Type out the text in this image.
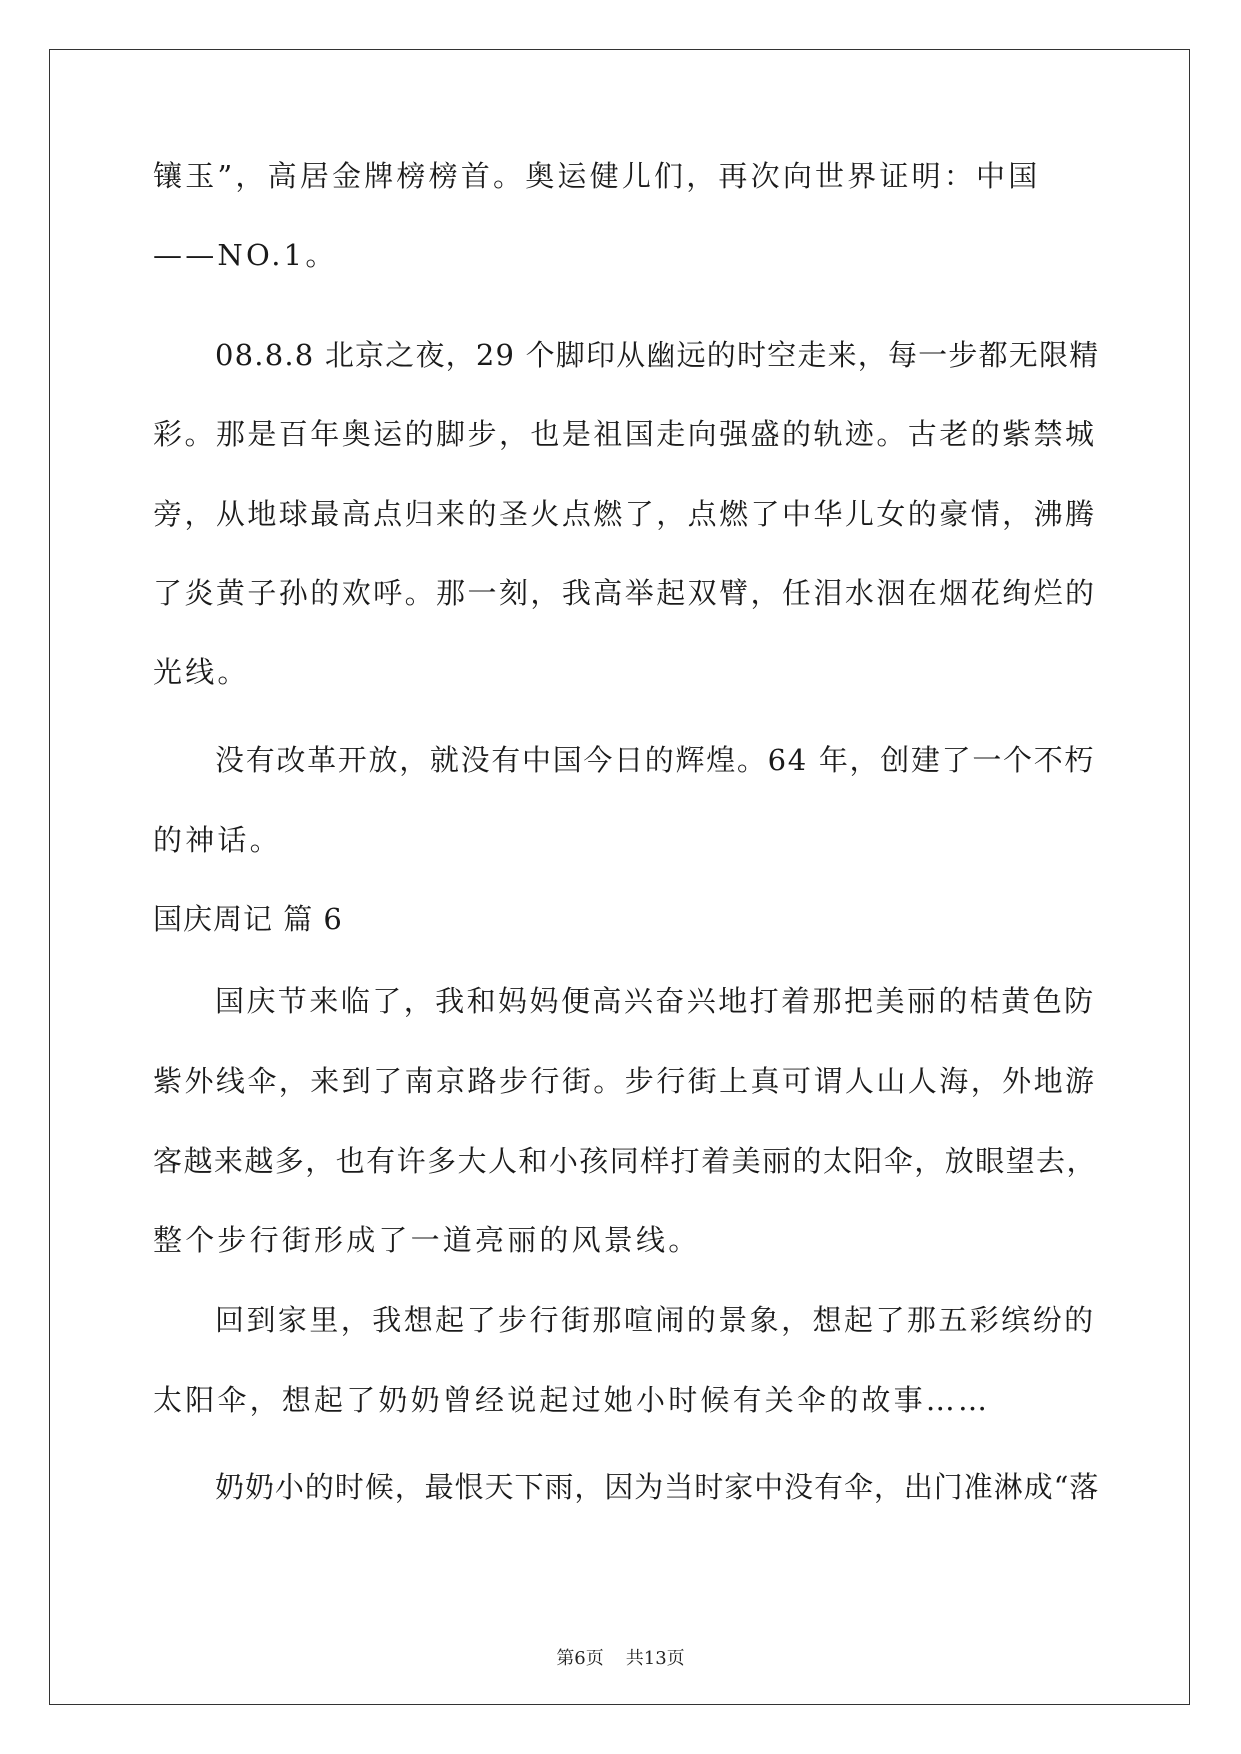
镶玉”，高居金牌榜榜首。奥运健儿们，再次向世界证明：中国
——NO.1。
08.8.8 北京之夜，29 个脚印从幽远的时空走来，每一步都无限精
彩。那是百年奥运的脚步，也是祖国走向强盛的轨迹。古老的紫禁城
旁，从地球最高点归来的圣火点燃了，点燃了中华儿女的豪情，沸腾
了炎黄子孙的欢呼。那一刻，我高举起双臂，任泪水洇在烟花绚烂的
光线。
没有改革开放，就没有中国今日的辉煌。64 年，创建了一个不朽
的神话。
国庆周记 篇 6
国庆节来临了，我和妈妈便高兴奋兴地打着那把美丽的桔黄色防
紫外线伞，来到了南京路步行街。步行街上真可谓人山人海，外地游
客越来越多，也有许多大人和小孩同样打着美丽的太阳伞，放眼望去，
整个步行街形成了一道亮丽的风景线。
回到家里，我想起了步行街那喧闹的景象，想起了那五彩缤纷的
太阳伞，想起了奶奶曾经说起过她小时候有关伞的故事……
奶奶小的时候，最恨天下雨，因为当时家中没有伞，出门准淋成“落
第6页 共13页
